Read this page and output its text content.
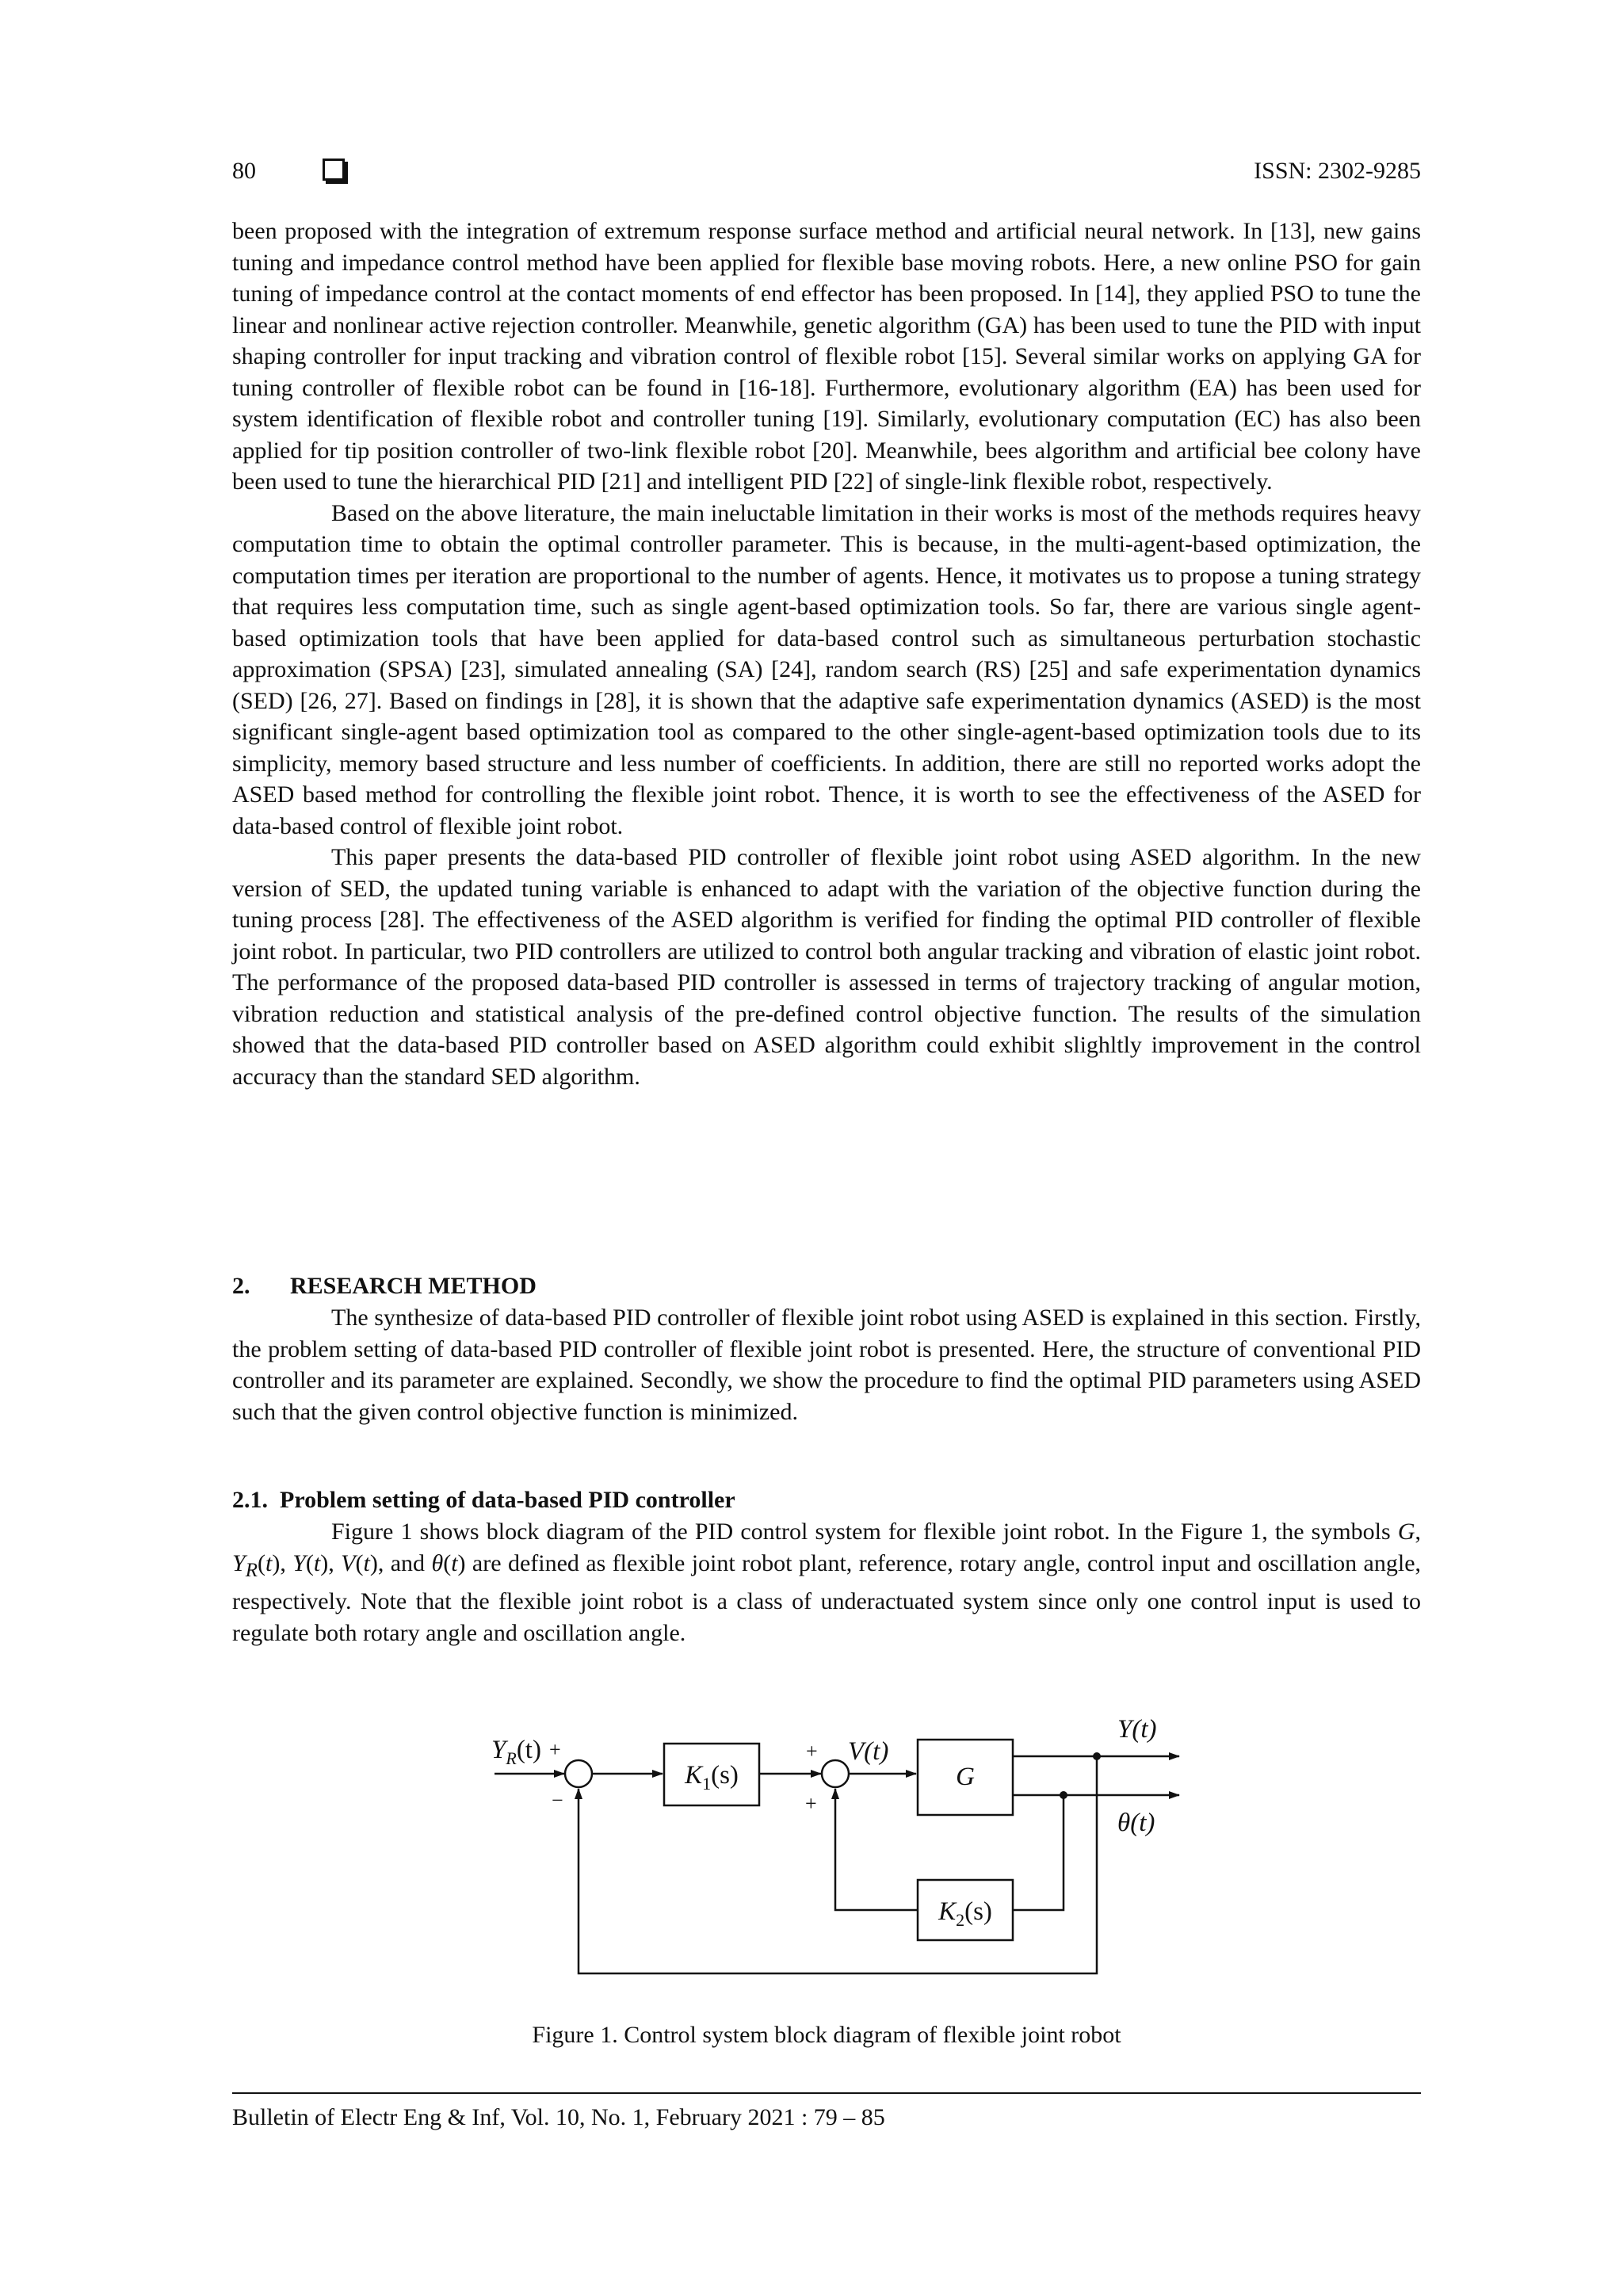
80	ISSN: 2302-9285

been proposed with the integration of extremum response surface method and artificial neural network. In [13], new gains tuning and impedance control method have been applied for flexible base moving robots. Here, a new online PSO for gain tuning of impedance control at the contact moments of end effector has been proposed. In [14], they applied PSO to tune the linear and nonlinear active rejection controller. Meanwhile, genetic algorithm (GA) has been used to tune the PID with input shaping controller for input tracking and vibration control of flexible robot [15]. Several similar works on applying GA for tuning controller of flexible robot can be found in [16-18]. Furthermore, evolutionary algorithm (EA) has been used for system identification of flexible robot and controller tuning [19]. Similarly, evolutionary computation (EC) has also been applied for tip position controller of two-link flexible robot [20]. Meanwhile, bees algorithm and artificial bee colony have been used to tune the hierarchical PID [21] and intelligent PID [22] of single-link flexible robot, respectively.

Based on the above literature, the main ineluctable limitation in their works is most of the methods requires heavy computation time to obtain the optimal controller parameter. This is because, in the multi-agent-based optimization, the computation times per iteration are proportional to the number of agents. Hence, it motivates us to propose a tuning strategy that requires less computation time, such as single agent-based optimization tools. So far, there are various single agent-based optimization tools that have been applied for data-based control such as simultaneous perturbation stochastic approximation (SPSA) [23], simulated annealing (SA) [24], random search (RS) [25] and safe experimentation dynamics (SED) [26, 27]. Based on findings in [28], it is shown that the adaptive safe experimentation dynamics (ASED) is the most significant single-agent based optimization tool as compared to the other single-agent-based optimization tools due to its simplicity, memory based structure and less number of coefficients. In addition, there are still no reported works adopt the ASED based method for controlling the flexible joint robot. Thence, it is worth to see the effectiveness of the ASED for data-based control of flexible joint robot.

This paper presents the data-based PID controller of flexible joint robot using ASED algorithm. In the new version of SED, the updated tuning variable is enhanced to adapt with the variation of the objective function during the tuning process [28]. The effectiveness of the ASED algorithm is verified for finding the optimal PID controller of flexible joint robot. In particular, two PID controllers are utilized to control both angular tracking and vibration of elastic joint robot. The performance of the proposed data-based PID controller is assessed in terms of trajectory tracking of angular motion, vibration reduction and statistical analysis of the pre-defined control objective function. The results of the simulation showed that the data-based PID controller based on ASED algorithm could exhibit slighltly improvement in the control accuracy than the standard SED algorithm.

2. RESEARCH METHOD

The synthesize of data-based PID controller of flexible joint robot using ASED is explained in this section. Firstly, the problem setting of data-based PID controller of flexible joint robot is presented. Here, the structure of conventional PID controller and its parameter are explained. Secondly, we show the procedure to find the optimal PID parameters using ASED such that the given control objective function is minimized.

2.1. Problem setting of data-based PID controller

Figure 1 shows block diagram of the PID control system for flexible joint robot. In the Figure 1, the symbols G, $Y_R(t)$, Y(t), V(t), and θ(t) are defined as flexible joint robot plant, reference, rotary angle, control input and oscillation angle, respectively. Note that the flexible joint robot is a class of underactuated system since only one control input is used to regulate both rotary angle and oscillation angle.

$Y_R(t)$ +
−
$K_1(s)$
+
+
V(t)
G
Y(t)
θ(t)
$K_2(s)$
Figure 1. Control system block diagram of flexible joint robot
Bulletin of Electr Eng & Inf, Vol. 10, No. 1, February 2021 : 79 – 85
